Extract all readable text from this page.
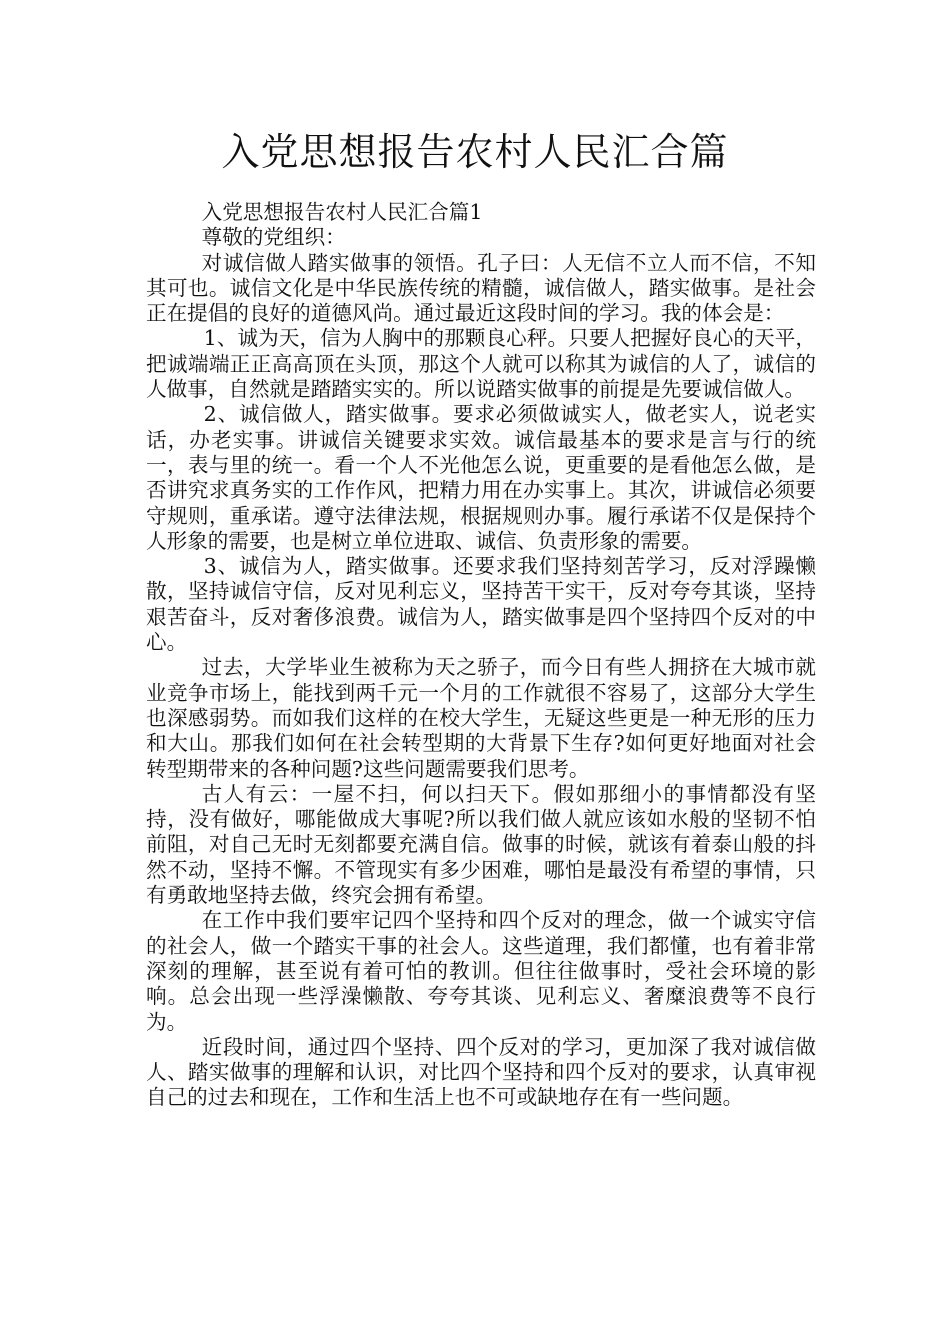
入党思想报告农村人民汇合篇

入党思想报告农村人民汇合篇1

尊敬的党组织：

对诚信做人踏实做事的领悟。孔子曰：人无信不立人而不信，不知其可也。诚信文化是中华民族传统的精髓，诚信做人，踏实做事。是社会正在提倡的良好的道德风尚。通过最近这段时间的学习。我的体会是：

1、诚为天，信为人胸中的那颗良心秤。只要人把握好良心的天平，把诚端端正正高高顶在头顶，那这个人就可以称其为诚信的人了，诚信的人做事，自然就是踏踏实实的。所以说踏实做事的前提是先要诚信做人。

2、诚信做人，踏实做事。要求必须做诚实人，做老实人，说老实话，办老实事。讲诚信关键要求实效。诚信最基本的要求是言与行的统一，表与里的统一。看一个人不光他怎么说，更重要的是看他怎么做，是否讲究求真务实的工作作风，把精力用在办实事上。其次，讲诚信必须要守规则，重承诺。遵守法律法规，根据规则办事。履行承诺不仅是保持个人形象的需要，也是树立单位进取、诚信、负责形象的需要。

3、诚信为人，踏实做事。还要求我们坚持刻苦学习，反对浮躁懒散，坚持诚信守信，反对见利忘义，坚持苦干实干，反对夸夸其谈，坚持艰苦奋斗，反对奢侈浪费。诚信为人，踏实做事是四个坚持四个反对的中心。

过去，大学毕业生被称为天之骄子，而今日有些人拥挤在大城市就业竞争市场上，能找到两千元一个月的工作就很不容易了，这部分大学生也深感弱势。而如我们这样的在校大学生，无疑这些更是一种无形的压力和大山。那我们如何在社会转型期的大背景下生存?如何更好地面对社会转型期带来的各种问题?这些问题需要我们思考。

古人有云：一屋不扫，何以扫天下。假如那细小的事情都没有坚持，没有做好，哪能做成大事呢?所以我们做人就应该如水般的坚韧不怕前阻，对自己无时无刻都要充满自信。做事的时候，就该有着泰山般的抖然不动，坚持不懈。不管现实有多少困难，哪怕是最没有希望的事情，只有勇敢地坚持去做，终究会拥有希望。

在工作中我们要牢记四个坚持和四个反对的理念，做一个诚实守信的社会人，做一个踏实干事的社会人。这些道理，我们都懂，也有着非常深刻的理解，甚至说有着可怕的教训。但往往做事时，受社会环境的影响。总会出现一些浮澡懒散、夸夸其谈、见利忘义、奢糜浪费等不良行为。

近段时间，通过四个坚持、四个反对的学习，更加深了我对诚信做人、踏实做事的理解和认识，对比四个坚持和四个反对的要求，认真审视自己的过去和现在，工作和生活上也不可或缺地存在有一些问题。
